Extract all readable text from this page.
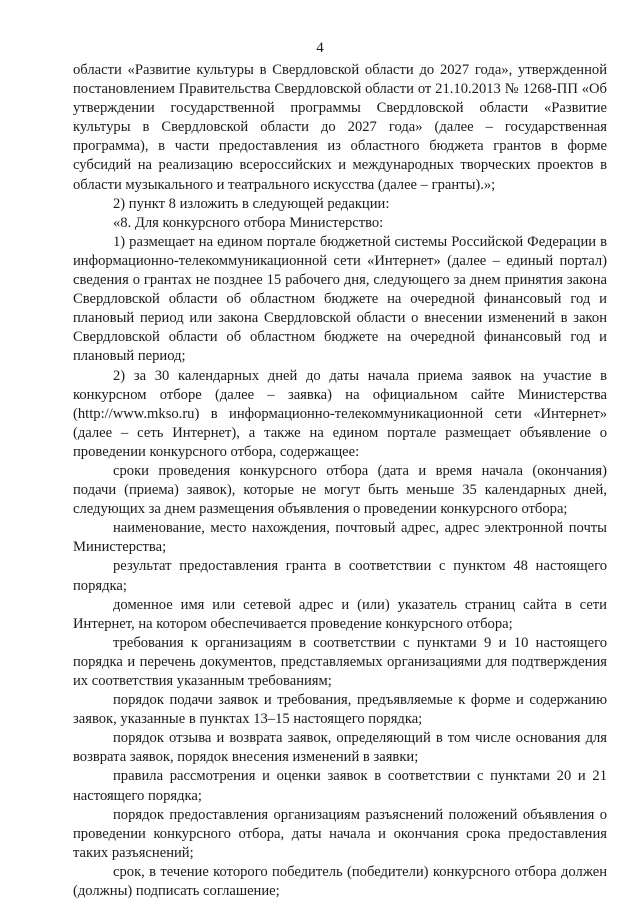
4

области «Развитие культуры в Свердловской области до 2027 года», утвержденной постановлением Правительства Свердловской области от 21.10.2013 № 1268-ПП «Об утверждении государственной программы Свердловской области «Развитие культуры в Свердловской области до 2027 года» (далее – государственная программа), в части предоставления из областного бюджета грантов в форме субсидий на реализацию всероссийских и международных творческих проектов в области музыкального и театрального искусства (далее – гранты).»;

2) пункт 8 изложить в следующей редакции:

«8. Для конкурсного отбора Министерство:

1) размещает на едином портале бюджетной системы Российской Федерации в информационно-телекоммуникационной сети «Интернет» (далее – единый портал) сведения о грантах не позднее 15 рабочего дня, следующего за днем принятия закона Свердловской области об областном бюджете на очередной финансовый год и плановый период или закона Свердловской области о внесении изменений в закон Свердловской области об областном бюджете на очередной финансовый год и плановый период;

2) за 30 календарных дней до даты начала приема заявок на участие в конкурсном отборе (далее – заявка) на официальном сайте Министерства (http://www.mkso.ru) в информационно-телекоммуникационной сети «Интернет» (далее – сеть Интернет), а также на едином портале размещает объявление о проведении конкурсного отбора, содержащее:

сроки проведения конкурсного отбора (дата и время начала (окончания) подачи (приема) заявок), которые не могут быть меньше 35 календарных дней, следующих за днем размещения объявления о проведении конкурсного отбора;

наименование, место нахождения, почтовый адрес, адрес электронной почты Министерства;

результат предоставления гранта в соответствии с пунктом 48 настоящего порядка;

доменное имя или сетевой адрес и (или) указатель страниц сайта в сети Интернет, на котором обеспечивается проведение конкурсного отбора;

требования к организациям в соответствии с пунктами 9 и 10 настоящего порядка и перечень документов, представляемых организациями для подтверждения их соответствия указанным требованиям;

порядок подачи заявок и требования, предъявляемые к форме и содержанию заявок, указанные в пунктах 13–15 настоящего порядка;

порядок отзыва и возврата заявок, определяющий в том числе основания для возврата заявок, порядок внесения изменений в заявки;

правила рассмотрения и оценки заявок в соответствии с пунктами 20 и 21 настоящего порядка;

порядок предоставления организациям разъяснений положений объявления о проведении конкурсного отбора, даты начала и окончания срока предоставления таких разъяснений;

срок, в течение которого победитель (победители) конкурсного отбора должен (должны) подписать соглашение;
